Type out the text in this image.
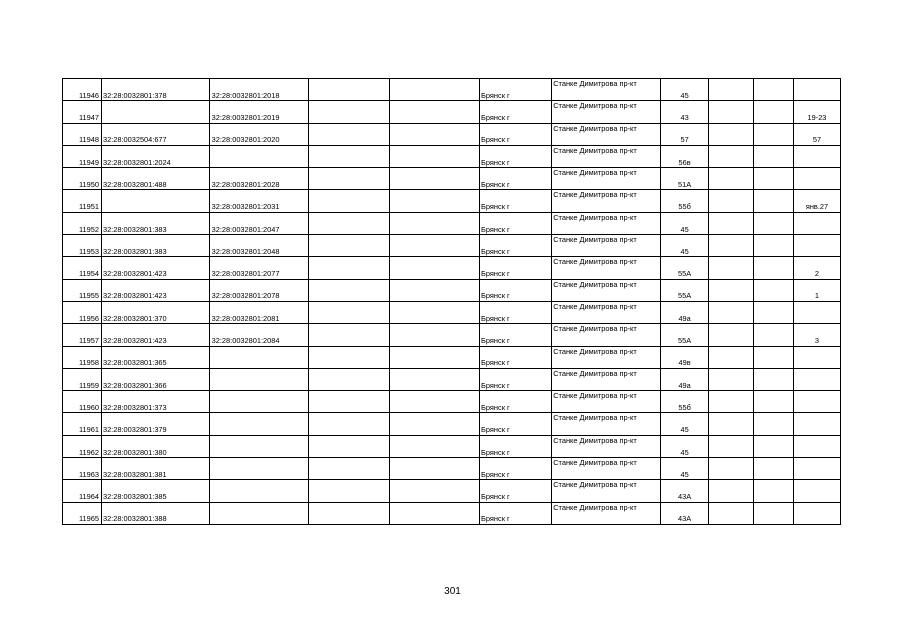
11946	32:28:0032801:378	32:28:0032801:2018			Брянск г	Станке Димитрова пр-кт	45			
11947		32:28:0032801:2019			Брянск г	Станке Димитрова пр-кт	43			19-23
11948	32:28:0032504:677	32:28:0032801:2020			Брянск г	Станке Димитрова пр-кт	57			57
11949	32:28:0032801:2024				Брянск г	Станке Димитрова пр-кт	56в			
11950	32:28:0032801:488	32:28:0032801:2028			Брянск г	Станке Димитрова пр-кт	51А			
11951		32:28:0032801:2031			Брянск г	Станке Димитрова пр-кт	55б			янв.27
11952	32:28:0032801:383	32:28:0032801:2047			Брянск г	Станке Димитрова пр-кт	45			
11953	32:28:0032801:383	32:28:0032801:2048			Брянск г	Станке Димитрова пр-кт	45			
11954	32:28:0032801:423	32:28:0032801:2077			Брянск г	Станке Димитрова пр-кт	55А			2
11955	32:28:0032801:423	32:28:0032801:2078			Брянск г	Станке Димитрова пр-кт	55А			1
11956	32:28:0032801:370	32:28:0032801:2081			Брянск г	Станке Димитрова пр-кт	49а			
11957	32:28:0032801:423	32:28:0032801:2084			Брянск г	Станке Димитрова пр-кт	55А			3
11958	32:28:0032801:365				Брянск г	Станке Димитрова пр-кт	49в			
11959	32:28:0032801:366				Брянск г	Станке Димитрова пр-кт	49а			
11960	32:28:0032801:373				Брянск г	Станке Димитрова пр-кт	55б			
11961	32:28:0032801:379				Брянск г	Станке Димитрова пр-кт	45			
11962	32:28:0032801:380				Брянск г	Станке Димитрова пр-кт	45			
11963	32:28:0032801:381				Брянск г	Станке Димитрова пр-кт	45			
11964	32:28:0032801:385				Брянск г	Станке Димитрова пр-кт	43А			
11965	32:28:0032801:388				Брянск г	Станке Димитрова пр-кт	43А			
301
